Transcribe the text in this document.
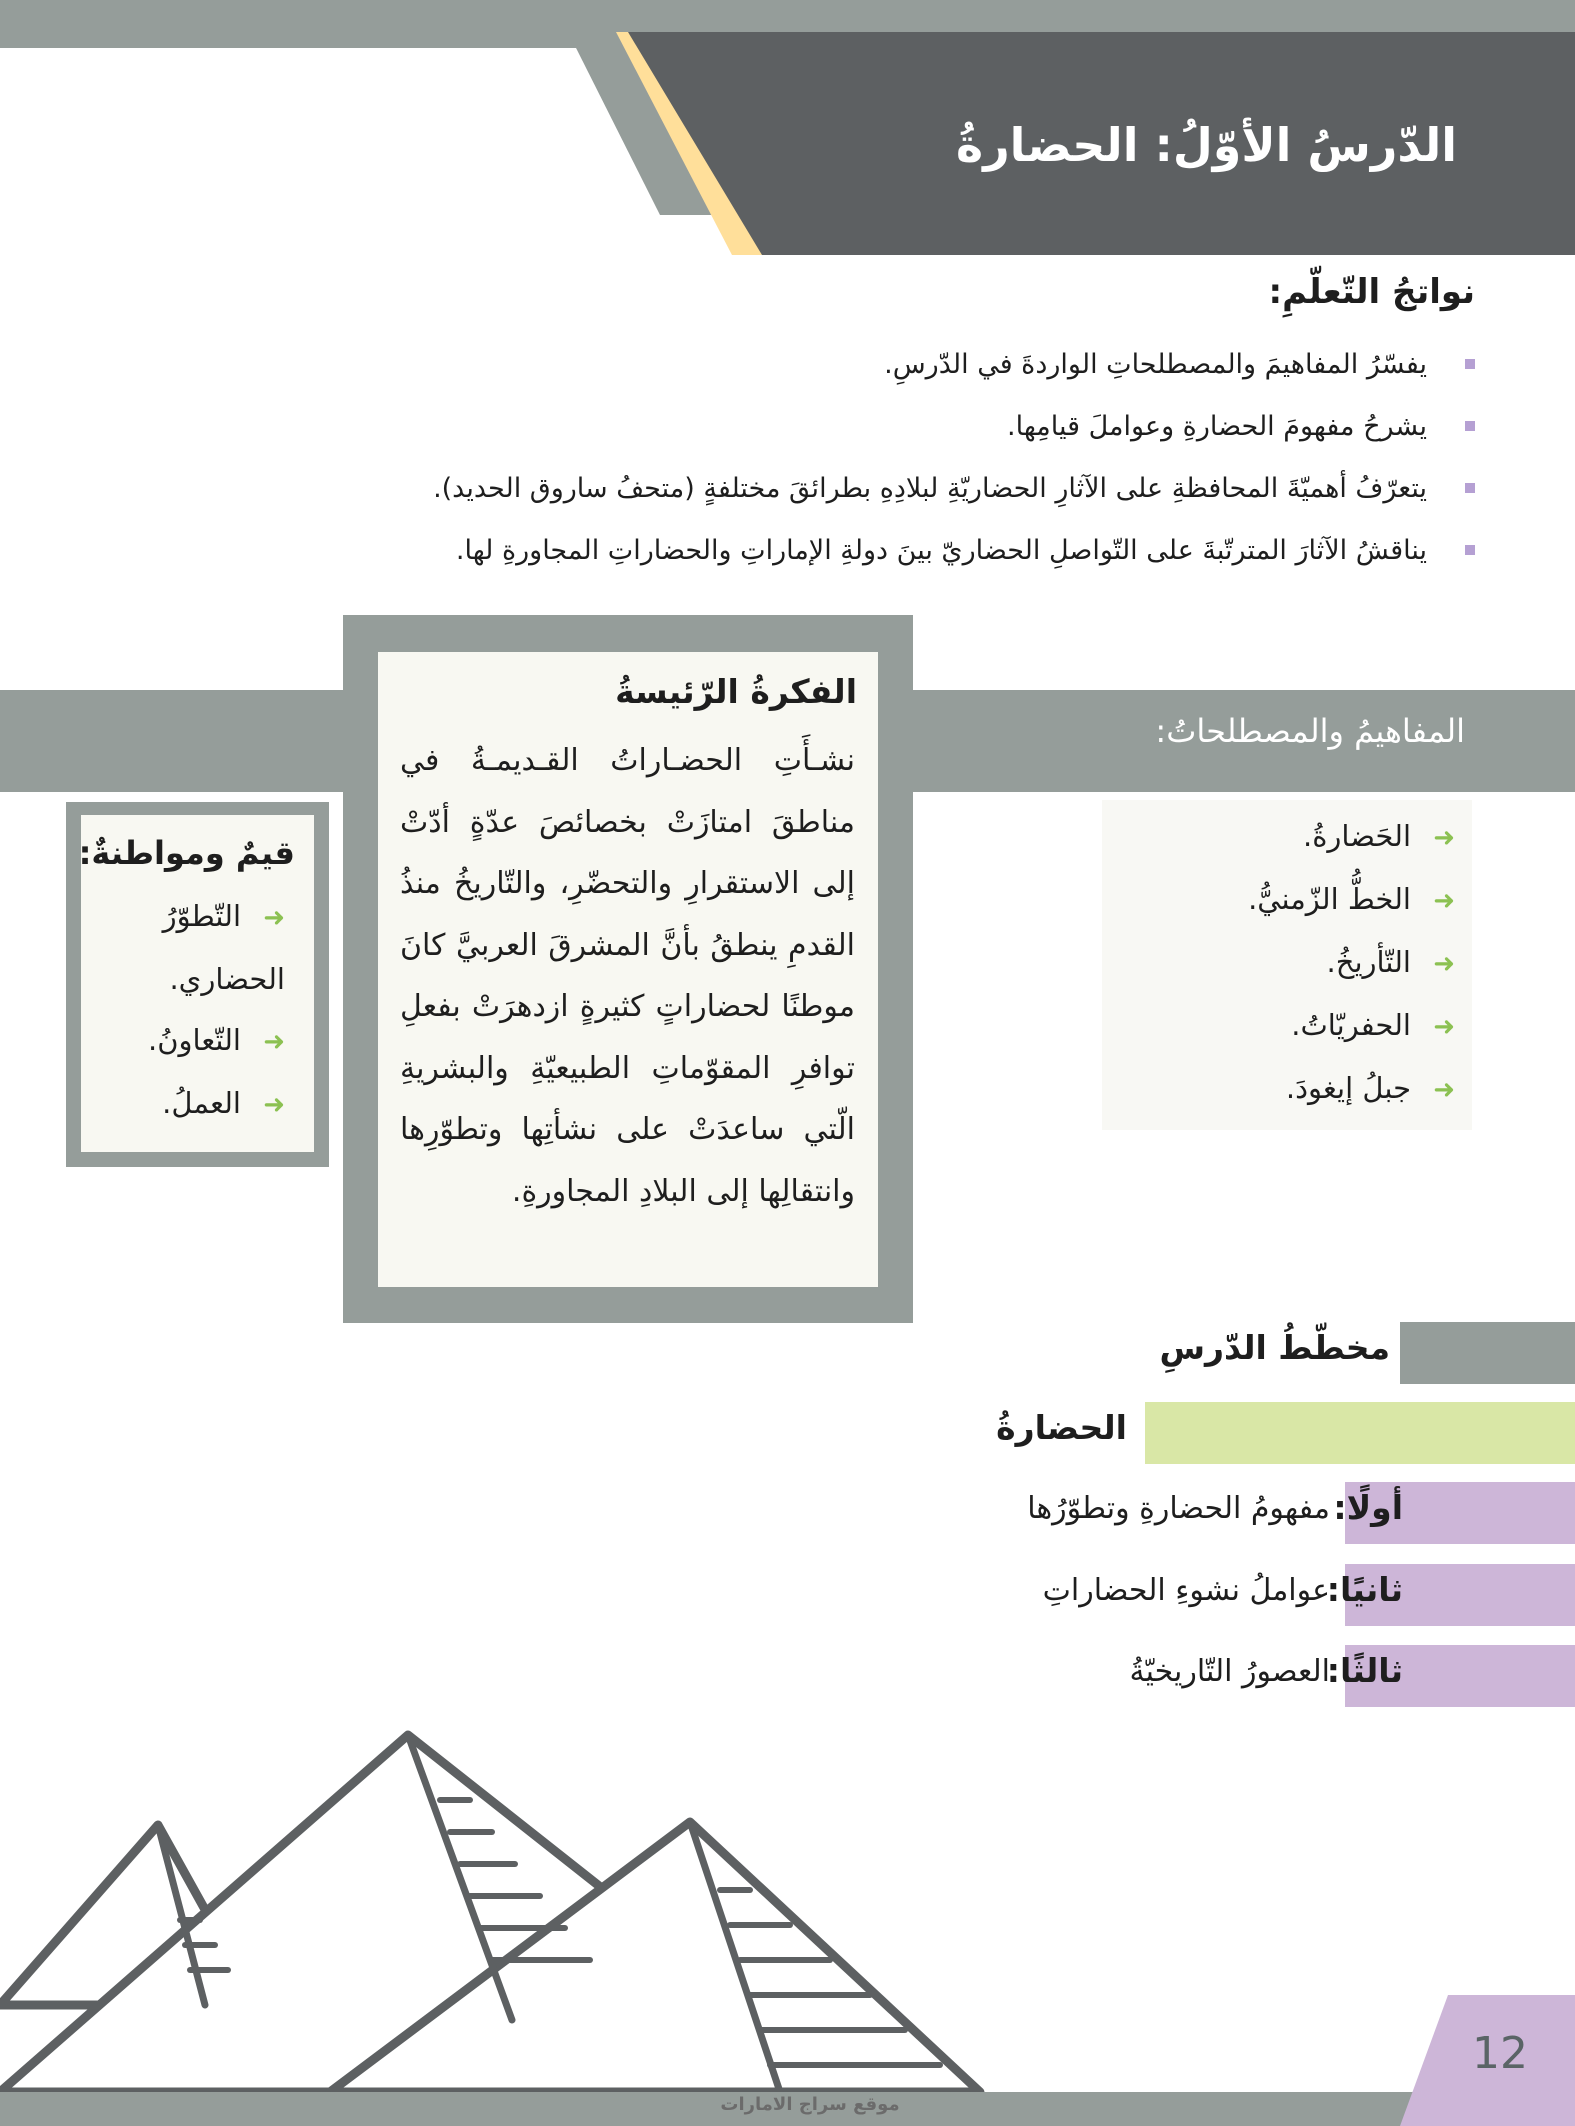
الدّرسُ الأوّلُ: الحضارةُ
نواتجُ التّعلّمِ:
يفسّرُ المفاهيمَ والمصطلحاتِ الواردةَ في الدّرسِ.
يشرحُ مفهومَ الحضارةِ وعواملَ قيامِها.
يتعرّفُ أهميّةَ المحافظةِ على الآثارِ الحضاريّةِ لبلادِهِ بطرائقَ مختلفةٍ (متحفُ ساروق الحديد).
يناقشُ الآثارَ المترتّبةَ على التّواصلِ الحضاريّ بينَ دولةِ الإماراتِ والحضاراتِ المجاورةِ لها.
المفاهيمُ والمصطلحاتُ:
➜الحَضارةُ.
➜الخطُّ الزّمنيُّ.
➜التّأريخُ.
➜الحفريّاتُ.
➜جبلُ إيغودَ.
الفكرةُ الرّئيسةُ
نشـأَتِ الحضـاراتُ القـديمـةُ في مناطقَ امتازَتْ بخصائصَ عدّةٍ أدّتْ إلى الاستقرارِ والتحضّرِ، والتّاريخُ منذُ القدمِ ينطقُ بأنَّ المشرقَ العربيَّ كانَ موطنًا لحضاراتٍ كثيرةٍ ازدهرَتْ بفعلِ توافرِ المقوّماتِ الطبيعيّةِ والبشريةِ الّتي ساعدَتْ على نشأتِها وتطوّرِها وانتقالِها إلى البلادِ المجاورةِ.
قيمٌ ومواطنةٌ:
➜التّطوّرُ الحضاري.
➜التّعاونُ.
➜العملُ.
مخطّطُ الدّرسِ
الحضارةُ
أولًا:
مفهومُ الحضارةِ وتطوّرُها
ثانيًا:
عواملُ نشوءِ الحضاراتِ
ثالثًا:
العصورُ التّاريخيّةُ
12
موقع سراج الامارات
